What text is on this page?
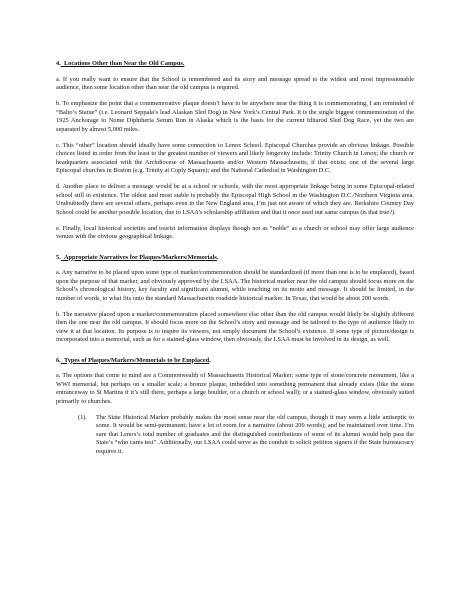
4. Locations Other than Near the Old Campus.

a. If you really want to ensure that the School is remembered and its story and message spread to the widest and most impressionable audience, then some location other than near the old campus is required.

b. To emphasize the point that a commemorative plaque doesn’t have to be anywhere near the thing it is commemorating, I am reminded of “Balto’s Statue” (i.e. Leonard Seppala’s lead Alaskan Sled Dog) in New York’s Central Park. It is the single biggest commemoration of the 1925 Anchorage to Nome Diphtheria Serum Run in Alaska which is the basis for the current Iditarod Sled Dog Race, yet the two are separated by almost 5,000 miles.

c. This “other” location should ideally have some connection to Lenox School. Episcopal Churches provide an obvious linkage. Possible choices listed in order from the least to the greatest number of viewers and likely longevity include: Trinity Church in Lenox; the church or headquarters associated with the Archdiocese of Massachusetts and/or Western Massachusetts, if that exists; one of the several large Episcopal churches in Boston (e.g. Trinity at Coply Square); and the National Cathedral in Washington D.C.

d. Another place to deliver a message would be at a school or schools, with the most appropriate linkage being in some Episcopal-related school still in existence. The oldest and most stable is probably the Episcopal High School in the Washington D.C./Northern Virginia area. Undoubtedly there are several others, perhaps even in the New England area, I’m just not aware of which they are. Berkshire Country Day School could be another possible location, due to LSAA’s scholarship affiliation and that it once used our same campus (is that true?).

e. Finally, local historical societies and tourist information displays though not as “noble” as a church or school may offer large audience venues with the obvious geographical linkage.

5. Appropriate Narratives for Plaques/Markers/Memorials.

a. Any narrative to be placed upon some type of marker/commemoration should be standardized (if more than one is to be emplaced), based upon the purpose of that marker, and obviously approved by the LSAA. The historical marker near the old campus should focus more on the School’s chronological history, key faculty and significant alumni, while touching on its motto and message. It should be limited, in the number of words, to what fits onto the standard Massachusetts roadside historical marker. In Texas, that would be about 200 words.

b. The narrative placed upon a marker/commemoration placed somewhere else other than the old campus would likely be slightly different then the one near the old campus. It should focus more on the School’s story and message and be tailored to the type of audience likely to view it at that location. Its purpose is to inspire its viewers, not simply document the School’s existence. If some type of picture/design is incorporated into a memorial, such as for a stained-glass window, then obviously, the LSAA must be involved in its design, as well.

6. Types of Plaques/Markers/Memorials to be Emplaced.

a. The options that come to mind are a Commonwealth of Massachusetts Historical Marker; some type of stone/concrete monument, like a WWI memorial, but perhaps on a smaller scale; a bronze plaque, imbedded into something permanent that already exists (like the stone entranceway to St Martins if it’s still there, perhaps a large boulder, or a church or school wall); or a stained-glass window, obviously suited primarily to churches.

(1).	The State Historical Marker probably makes the most sense near the old campus, though it may seem a little antiseptic to some. It would be semi-permanent; have a lot of room for a narrative (about 200 words); and be maintained over time. I’m sure that Lenox’s total number of graduates and the distinguished contributions of some of its alumni would help pass the State’s “who cares test”. Additionally, our LSAA could serve as the conduit to solicit petition signers if the State bureaucracy requires it.
